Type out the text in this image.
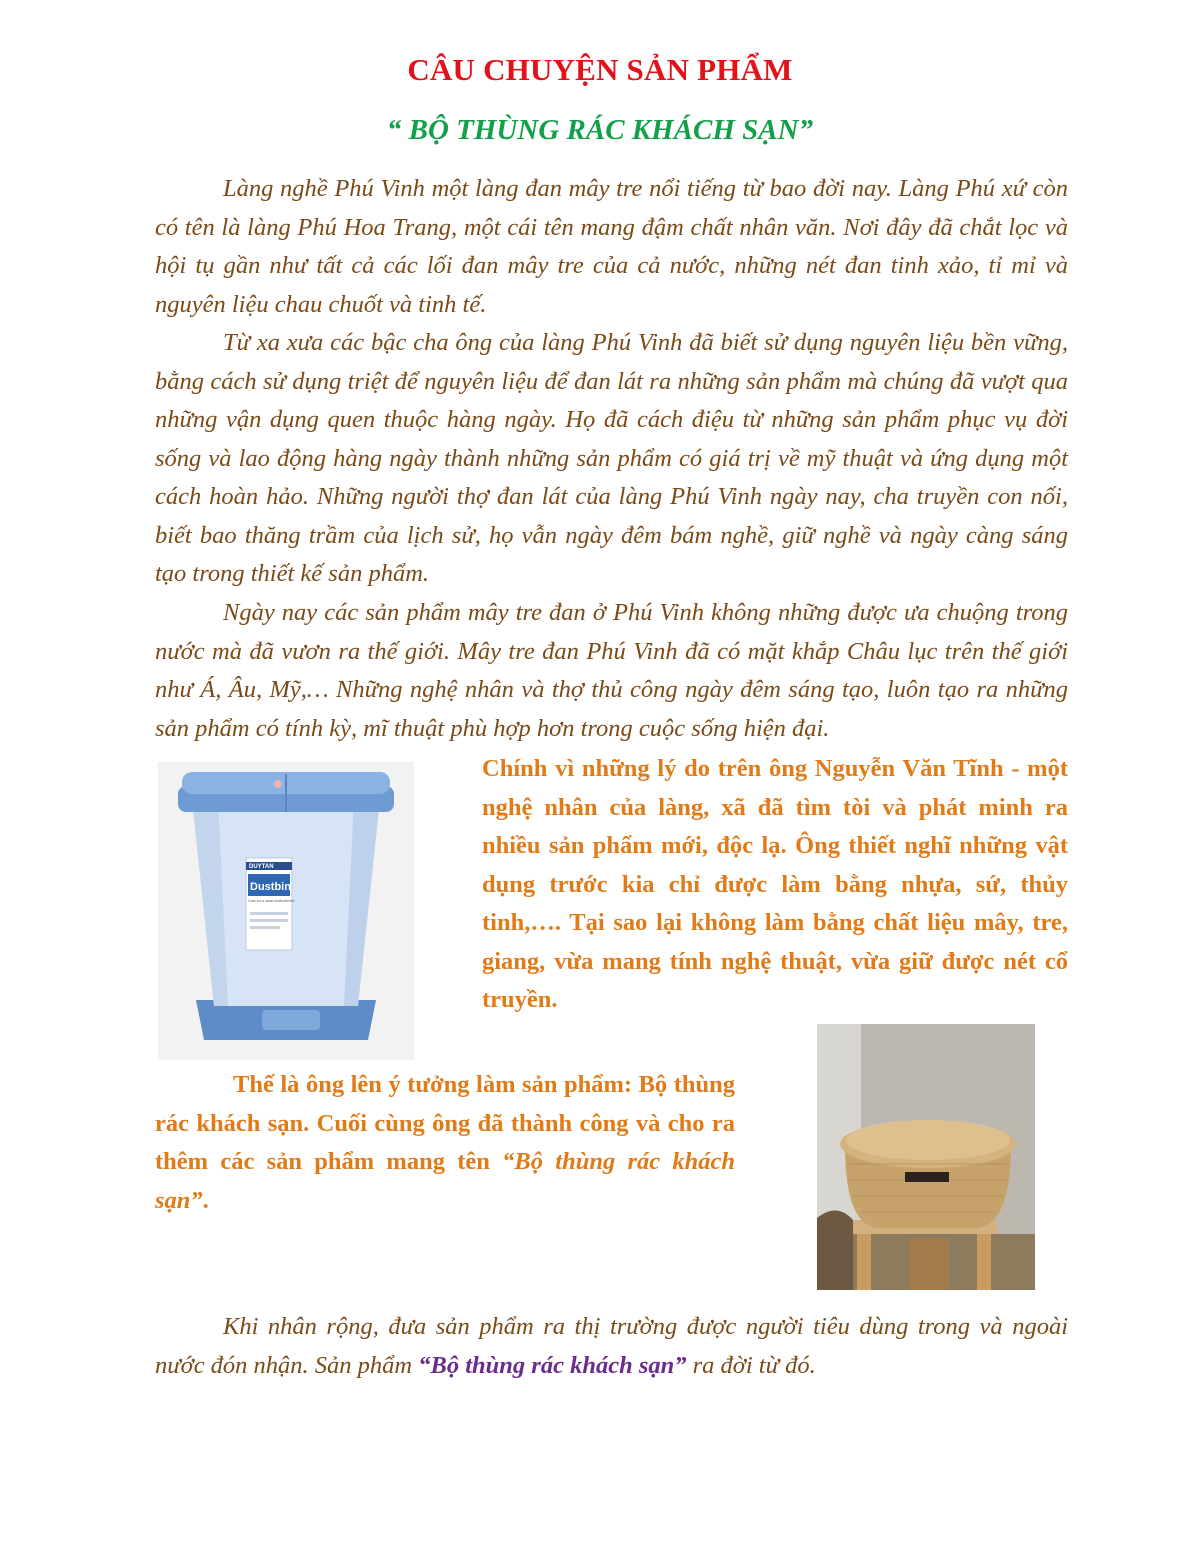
CÂU CHUYỆN SẢN PHẨM
“ BỘ THÙNG RÁC KHÁCH SẠN”

Làng nghề Phú Vinh một làng đan mây tre nổi tiếng từ bao đời nay. Làng Phú xứ còn có tên là làng Phú Hoa Trang, một cái tên mang đậm chất nhân văn. Nơi đây đã chắt lọc và hội tụ gần như tất cả các lối đan mây tre của cả nước, những nét đan tinh xảo, tỉ mỉ và nguyên liệu chau chuốt và tinh tế.

Từ xa xưa các bậc cha ông của làng Phú Vinh đã biết sử dụng nguyên liệu bền vững, bằng cách sử dụng triệt để nguyên liệu để đan lát ra những sản phẩm mà chúng đã vượt qua những vận dụng quen thuộc hàng ngày. Họ đã cách điệu từ những sản phẩm phục vụ đời sống và lao động hàng ngày thành những sản phẩm có giá trị về mỹ thuật và ứng dụng một cách hoàn hảo. Những người thợ đan lát của làng Phú Vinh ngày nay, cha truyền con nối, biết bao thăng trầm của lịch sử, họ vẫn ngày đêm bám nghề, giữ nghề và ngày càng sáng tạo trong thiết kế sản phẩm.

Ngày nay các sản phẩm mây tre đan ở Phú Vinh không những được ưa chuộng trong nước mà đã vươn ra thế giới. Mây tre đan Phú Vinh đã có mặt khắp Châu lục trên thế giới như Á, Âu, Mỹ,… Những nghệ nhân và thợ thủ công ngày đêm sáng tạo, luôn tạo ra những sản phẩm có tính kỳ, mĩ thuật phù hợp hơn trong cuộc sống hiện đại.

DUYTAN
Dustbin
Care for a clean environment

Chính vì những lý do trên ông Nguyễn Văn Tĩnh - một nghệ nhân của làng, xã đã tìm tòi và phát minh ra nhiều sản phẩm mới, độc lạ. Ông thiết nghĩ những vật dụng trước kia chỉ được làm bằng nhựa, sứ, thủy tinh,…. Tại sao lại không làm bằng chất liệu mây, tre, giang, vừa mang tính nghệ thuật, vừa giữ được nét cổ truyền.

Thế là ông lên ý tưởng làm sản phẩm: Bộ thùng rác khách sạn. Cuối cùng ông đã thành công và cho ra thêm các sản phẩm mang tên “Bộ thùng rác khách sạn”.

Khi nhân rộng, đưa sản phẩm ra thị trường được người tiêu dùng trong và ngoài nước đón nhận. Sản phẩm “Bộ thùng rác khách sạn” ra đời từ đó.
